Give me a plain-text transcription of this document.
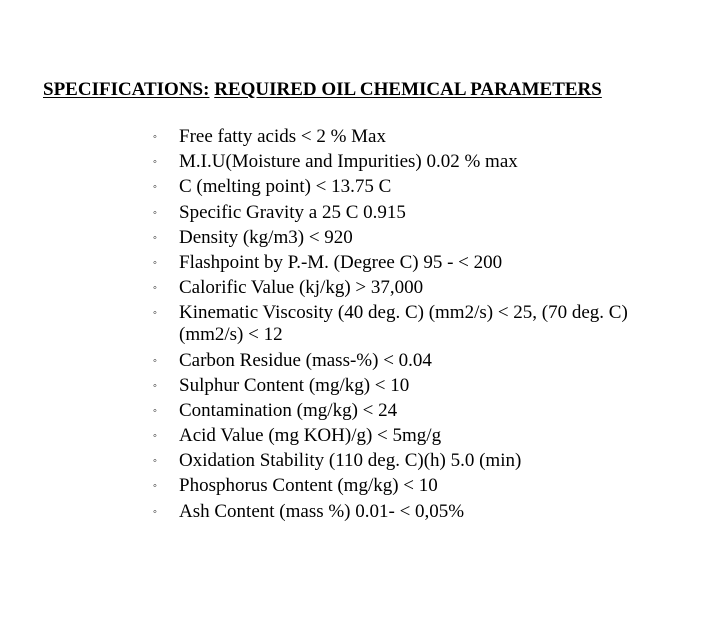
SPECIFICATIONS: REQUIRED OIL CHEMICAL PARAMETERS
◦ Free fatty acids < 2 % Max
◦ M.I.U(Moisture and Impurities) 0.02 % max
◦ C (melting point) < 13.75 C
◦ Specific Gravity a 25 C 0.915
◦ Density (kg/m3) < 920
◦ Flashpoint by P.-M. (Degree C) 95 - < 200
◦ Calorific Value (kj/kg) > 37,000
◦ Kinematic Viscosity (40 deg. C) (mm2/s) < 25, (70 deg. C) (mm2/s) < 12
◦ Carbon Residue (mass-%) < 0.04
◦ Sulphur Content (mg/kg) < 10
◦ Contamination (mg/kg) < 24
◦ Acid Value (mg KOH)/g) < 5mg/g
◦ Oxidation Stability (110 deg. C)(h) 5.0 (min)
◦ Phosphorus Content (mg/kg) < 10
◦ Ash Content (mass %) 0.01- < 0,05%
